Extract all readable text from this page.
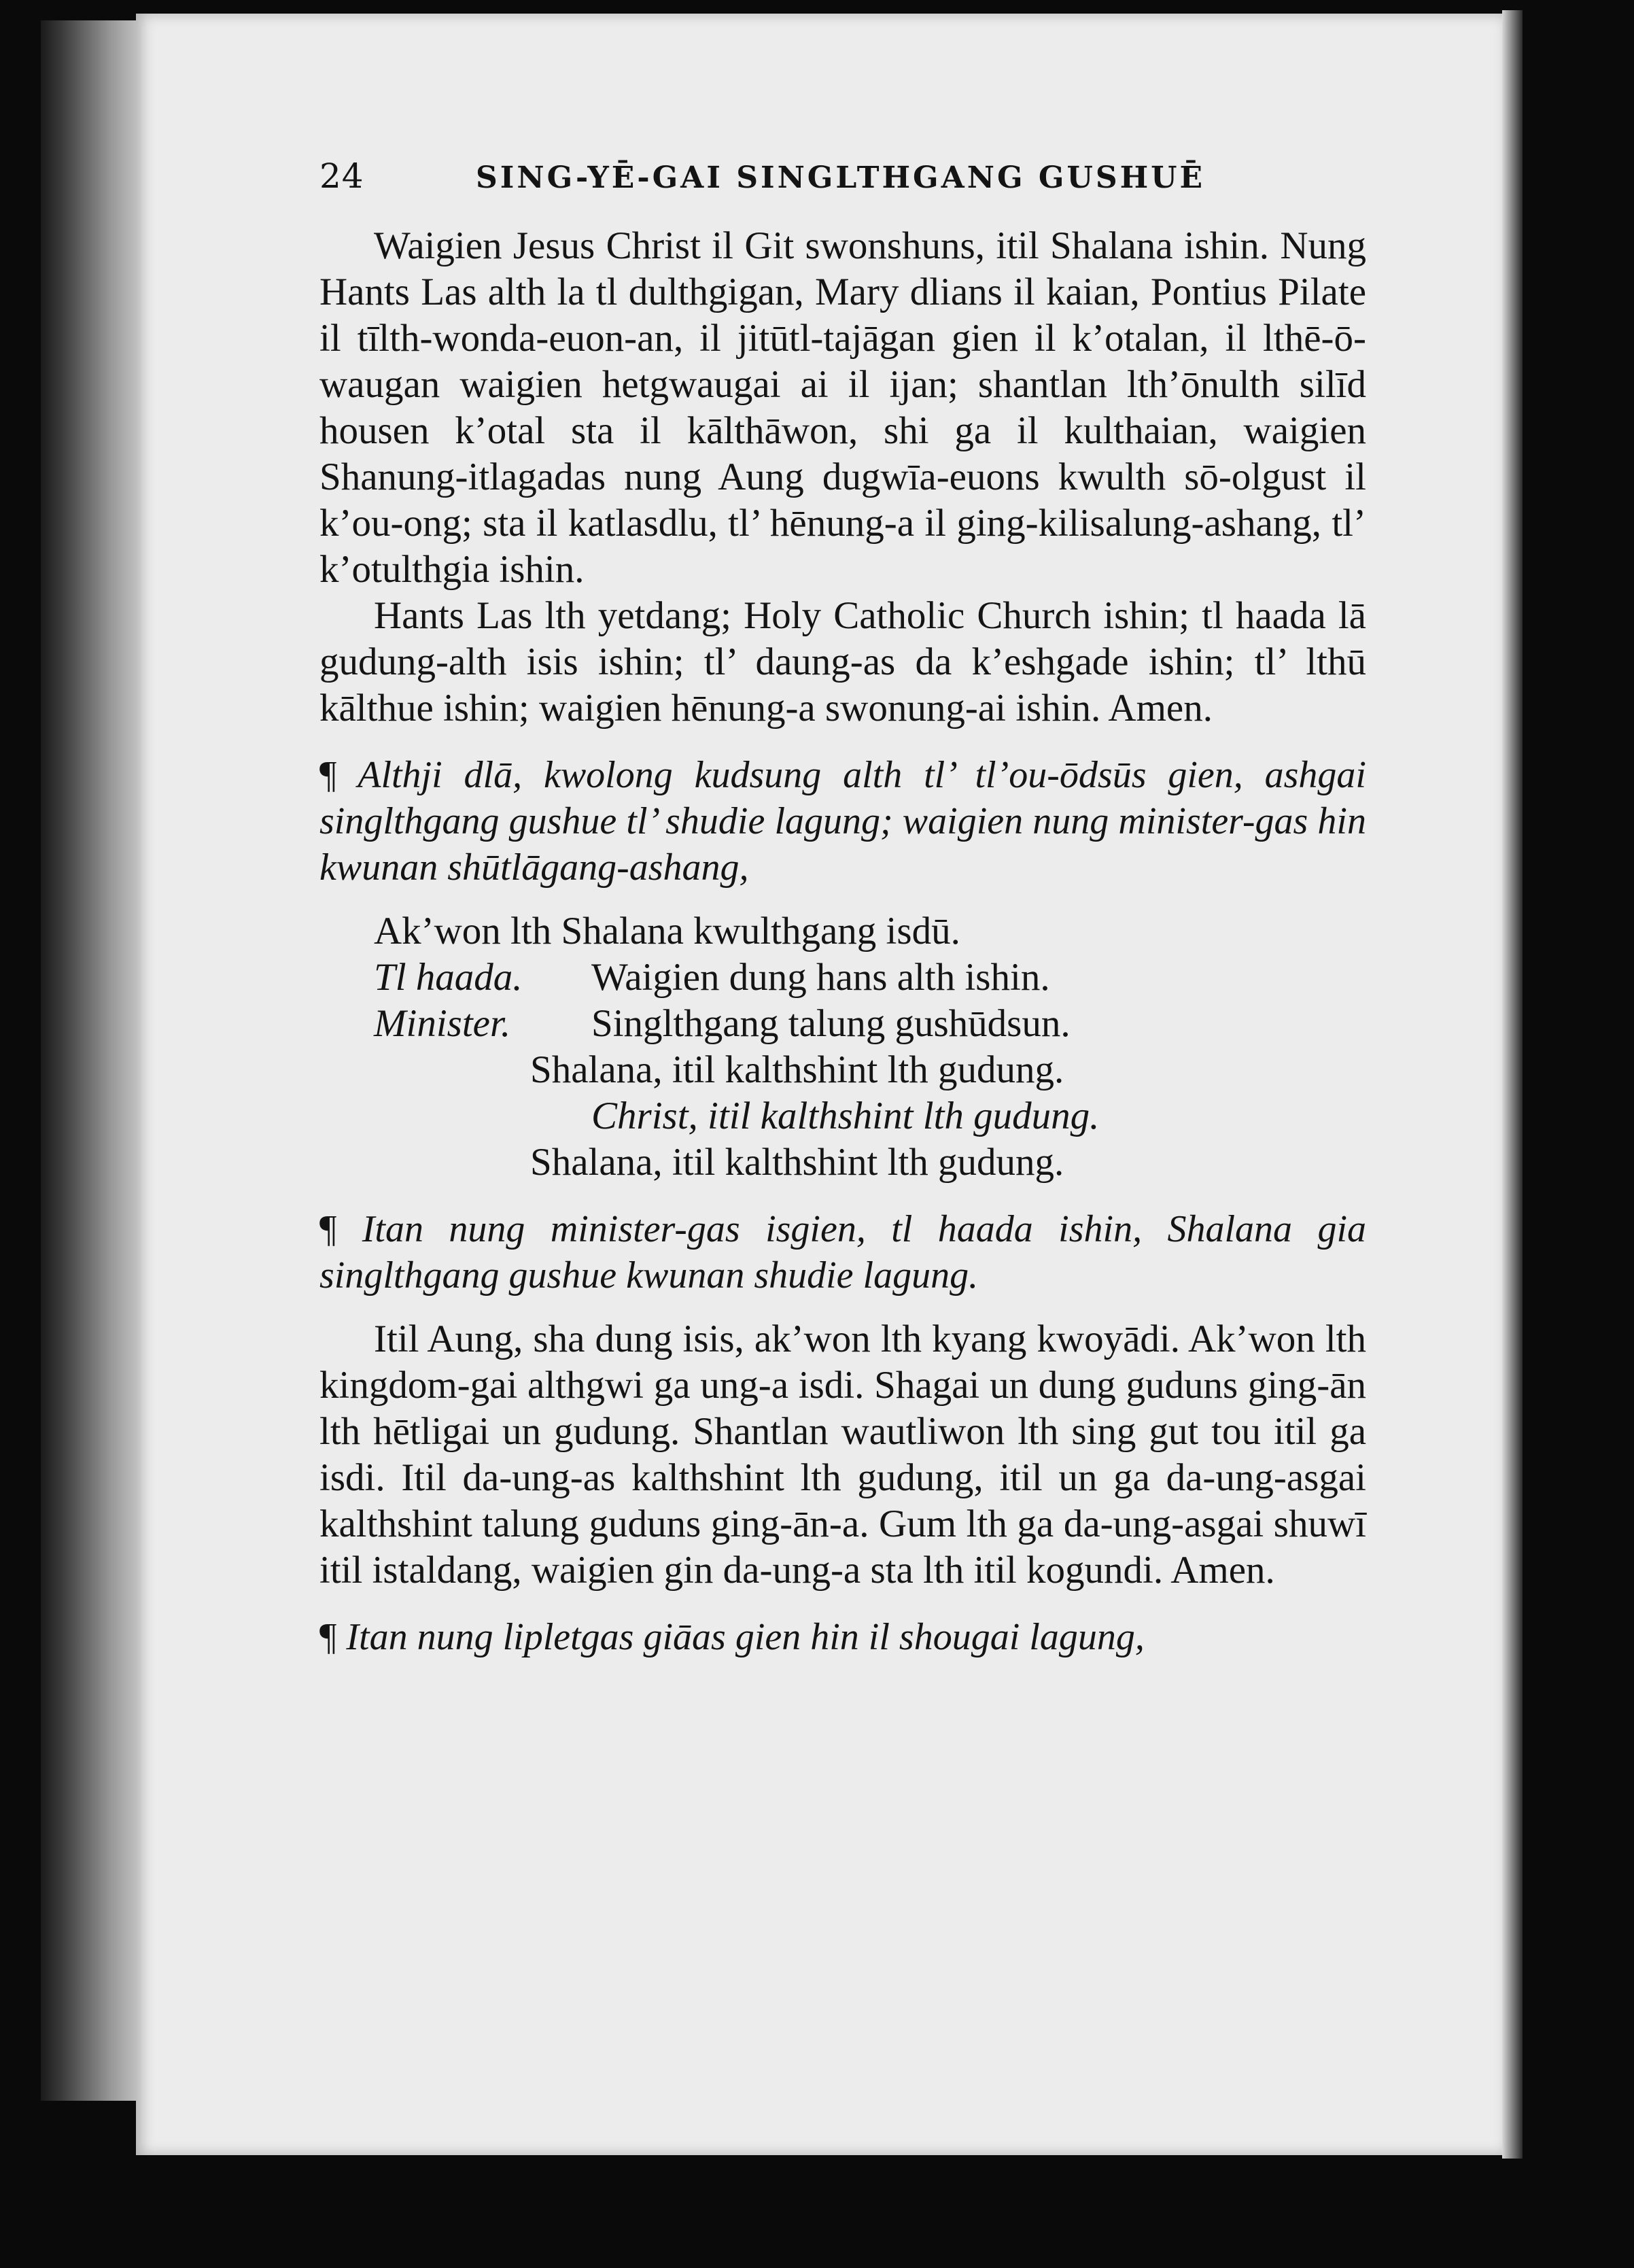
24	SING-YĒ-GAI SINGLTHGANG GUSHUĒ

Waigien Jesus Christ il Git swonshuns, itil Shalana ishin. Nung Hants Las alth la tl dulthgigan, Mary dlians il kaian, Pontius Pilate il tīlth-wonda-euon-an, il jitūtl-tajāgan gien il k’otalan, il lthē-ō-waugan waigien hetgwaugai ai il ijan; shantlan lth’ōnulth silīd housen k’otal sta il kālthāwon, shi ga il kulthaian, waigien Shanung-itlagadas nung Aung dugwīa-euons kwulth sō-olgust il k’ou-ong; sta il katlasdlu, tl’ hēnung-a il ging-kilisalung-ashang, tl’ k’otulthgia ishin.

Hants Las lth yetdang; Holy Catholic Church ishin; tl haada lā gudung-alth isis ishin; tl’ daung-as da k’eshgade ishin; tl’ lthū kālthue ishin; waigien hēnung-a swonung-ai ishin. Amen.

¶ Althji dlā, kwolong kudsung alth tl’ tl’ou-ōdsūs gien, ashgai singlthgang gushue tl’ shudie lagung; waigien nung minister-gas hin kwunan shūtlāgang-ashang,

Ak’won lth Shalana kwulthgang isdū.
Tl haada. Waigien dung hans alth ishin.
Minister. Singlthgang talung gushūdsun.
Shalana, itil kalthshint lth gudung.
Christ, itil kalthshint lth gudung.
Shalana, itil kalthshint lth gudung.

¶ Itan nung minister-gas isgien, tl haada ishin, Shalana gia singlthgang gushue kwunan shudie lagung.

Itil Aung, sha dung isis, ak’won lth kyang kwoyādi. Ak’won lth kingdom-gai althgwi ga ung-a isdi. Shagai un dung guduns ging-ān lth hētligai un gudung. Shantlan wautliwon lth sing gut tou itil ga isdi. Itil da-ung-as kalthshint lth gudung, itil un ga da-ung-asgai kalthshint talung guduns ging-ān-a. Gum lth ga da-ung-asgai shuwī itil istaldang, waigien gin da-ung-a sta lth itil kogundi. Amen.

¶ Itan nung lipletgas giāas gien hin il shougai lagung,
